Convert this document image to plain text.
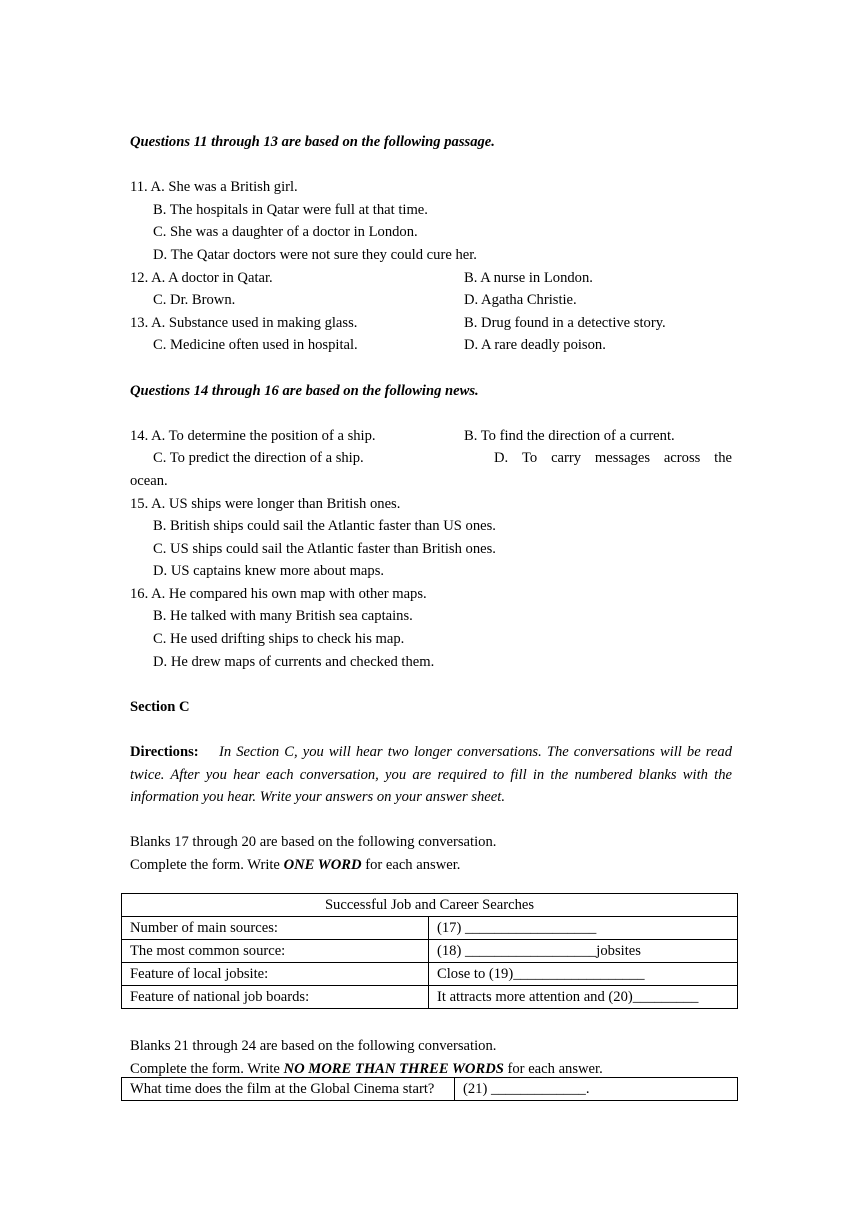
Questions 11 through 13 are based on the following passage.
11. A. She was a British girl.
B. The hospitals in Qatar were full at that time.
C. She was a daughter of a doctor in London.
D. The Qatar doctors were not sure they could cure her.
12. A. A doctor in Qatar.	B. A nurse in London.
C. Dr. Brown.	D. Agatha Christie.
13. A. Substance used in making glass.	B. Drug found in a detective story.
C. Medicine often used in hospital.	D. A rare deadly poison.
Questions 14 through 16 are based on the following news.
14. A. To determine the position of a ship.	B. To find the direction of a current.
C. To predict the direction of a ship.	D. To carry messages across the
ocean.
15. A. US ships were longer than British ones.
B. British ships could sail the Atlantic faster than US ones.
C. US ships could sail the Atlantic faster than British ones.
D. US captains knew more about maps.
16. A. He compared his own map with other maps.
B. He talked with many British sea captains.
C. He used drifting ships to check his map.
D. He drew maps of currents and checked them.
Section C
Directions: In Section C, you will hear two longer conversations. The conversations will be read twice. After you hear each conversation, you are required to fill in the numbered blanks with the information you hear. Write your answers on your answer sheet.
Blanks 17 through 20 are based on the following conversation.
Complete the form. Write ONE WORD for each answer.
Successful Job and Career Searches	
Number of main sources:	(17) __________________
The most common source:	(18) __________________jobsites
Feature of local jobsite:	Close to (19)__________________
Feature of national job boards:	It attracts more attention and (20)_________
Blanks 21 through 24 are based on the following conversation.
Complete the form. Write NO MORE THAN THREE WORDS for each answer.
What time does the film at the Global Cinema start?	(21) _____________.
